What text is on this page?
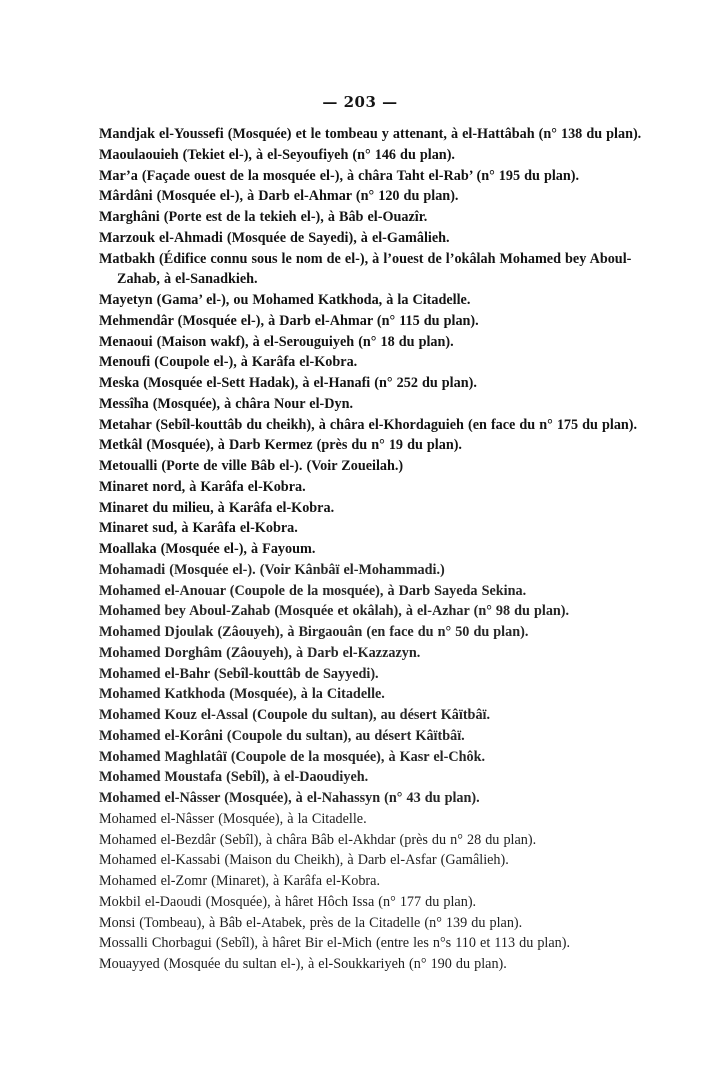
— 203 —
Mandjak el-Youssefi (Mosquée) et le tombeau y attenant, à el-Hattâbah (n° 138 du plan).
Maoulaouieh (Tekiet el-), à el-Seyoufiyeh (n° 146 du plan).
Mar’a (Façade ouest de la mosquée el-), à châra Taht el-Rab’ (n° 195 du plan).
Mârdâni (Mosquée el-), à Darb el-Ahmar (n° 120 du plan).
Marghâni (Porte est de la tekieh el-), à Bâb el-Ouazîr.
Marzouk el-Ahmadi (Mosquée de Sayedi), à el-Gamâlieh.
Matbakh (Édifice connu sous le nom de el-), à l’ouest de l’okâlah Mohamed bey Aboul-Zahab, à el-Sanadkieh.
Mayetyn (Gama’ el-), ou Mohamed Katkhoda, à la Citadelle.
Mehmendâr (Mosquée el-), à Darb el-Ahmar (n° 115 du plan).
Menaoui (Maison wakf), à el-Serouguiyeh (n° 18 du plan).
Menoufi (Coupole el-), à Karâfa el-Kobra.
Meska (Mosquée el-Sett Hadak), à el-Hanafi (n° 252 du plan).
Messîha (Mosquée), à châra Nour el-Dyn.
Metahar (Sebîl-kouttâb du cheikh), à châra el-Khordaguieh (en face du n° 175 du plan).
Metkâl (Mosquée), à Darb Kermez (près du n° 19 du plan).
Metoualli (Porte de ville Bâb el-). (Voir Zoueilah.)
Minaret nord, à Karâfa el-Kobra.
Minaret du milieu, à Karâfa el-Kobra.
Minaret sud, à Karâfa el-Kobra.
Moallaka (Mosquée el-), à Fayoum.
Mohamadi (Mosquée el-). (Voir Kânbâï el-Mohammadi.)
Mohamed el-Anouar (Coupole de la mosquée), à Darb Sayeda Sekina.
Mohamed bey Aboul-Zahab (Mosquée et okâlah), à el-Azhar (n° 98 du plan).
Mohamed Djoulak (Zâouyeh), à Birgaouân (en face du n° 50 du plan).
Mohamed Dorghâm (Zâouyeh), à Darb el-Kazzazyn.
Mohamed el-Bahr (Sebîl-kouttâb de Sayyedi).
Mohamed Katkhoda (Mosquée), à la Citadelle.
Mohamed Kouz el-Assal (Coupole du sultan), au désert Kâïtbâï.
Mohamed el-Korâni (Coupole du sultan), au désert Kâïtbâï.
Mohamed Maghlatâï (Coupole de la mosquée), à Kasr el-Chôk.
Mohamed Moustafa (Sebîl), à el-Daoudiyeh.
Mohamed el-Nâsser (Mosquée), à el-Nahassyn (n° 43 du plan).
Mohamed el-Nâsser (Mosquée), à la Citadelle.
Mohamed el-Bezdâr (Sebîl), à châra Bâb el-Akhdar (près du n° 28 du plan).
Mohamed el-Kassabi (Maison du Cheikh), à Darb el-Asfar (Gamâlieh).
Mohamed el-Zomr (Minaret), à Karâfa el-Kobra.
Mokbil el-Daoudi (Mosquée), à hâret Hôch Issa (n° 177 du plan).
Monsi (Tombeau), à Bâb el-Atabek, près de la Citadelle (n° 139 du plan).
Mossalli Chorbagui (Sebîl), à hâret Bir el-Mich (entre les n°s 110 et 113 du plan).
Mouayyed (Mosquée du sultan el-), à el-Soukkariyeh (n° 190 du plan).
